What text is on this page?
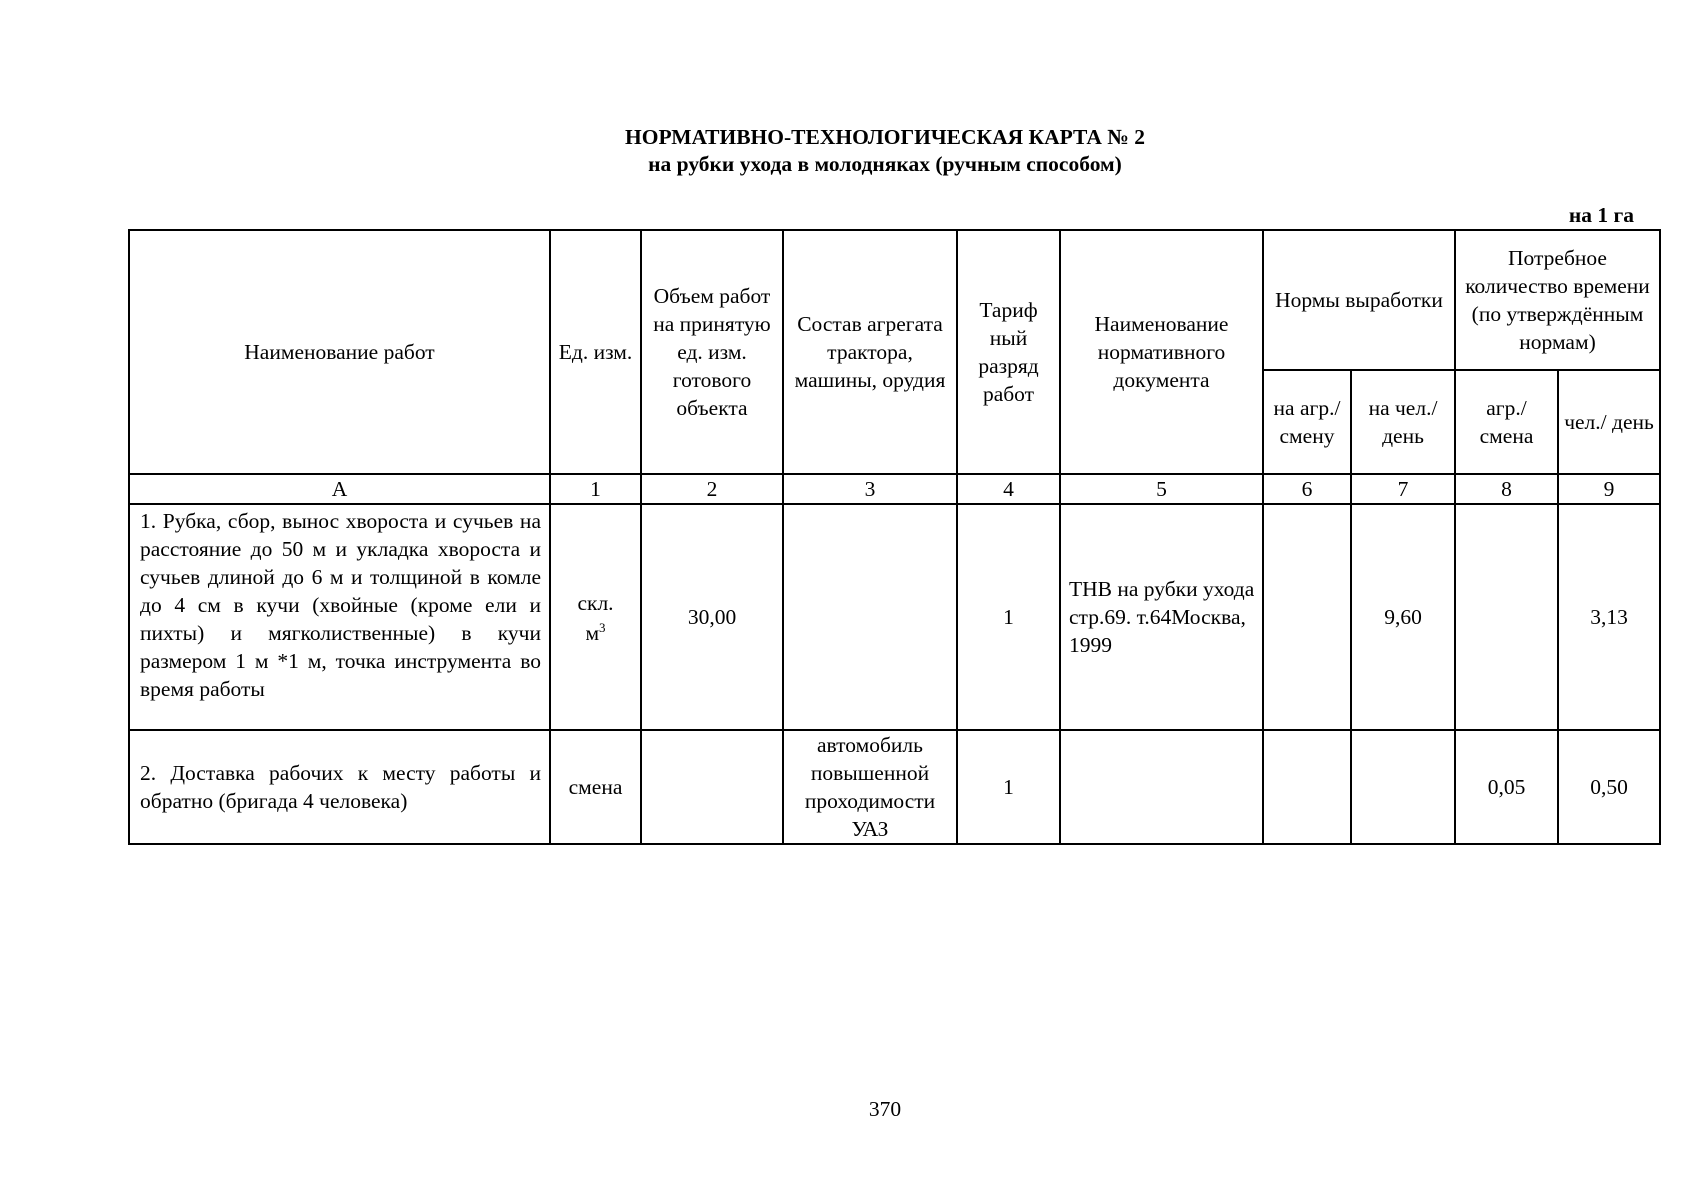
НОРМАТИВНО-ТЕХНОЛОГИЧЕСКАЯ КАРТА № 2
на рубки ухода в молодняках (ручным способом)
на 1 га
Наименование работ	Ед. изм.	Объем работ на принятую ед. изм. готового объекта	Состав агрегата трактора, машины, орудия	Тариф ный разряд работ	Наименование нормативного документа	Нормы выработки		Потребное количество времени (по утверждённым нормам)	
						на агр./ смену	на чел./ день	агр./ смена	чел./ день
А	1	2	3	4	5	6	7	8	9
1. Рубка, сбор, вынос хвороста и сучьев на расстояние до 50 м и укладка хвороста и сучьев длиной до 6 м и толщиной в комле до 4 см в кучи (хвойные (кроме ели и пихты) и мягколиственные) в кучи размером 1 м *1 м, точка инструмента во время работы	скл.
$м^3$	30,00		1	ТНВ на рубки ухода стр.69. т.64Москва, 1999		9,60		3,13
2. Доставка рабочих к месту работы и обратно (бригада 4 человека)	смена		автомобиль повышенной проходимости УАЗ	1				0,05	0,50
370
